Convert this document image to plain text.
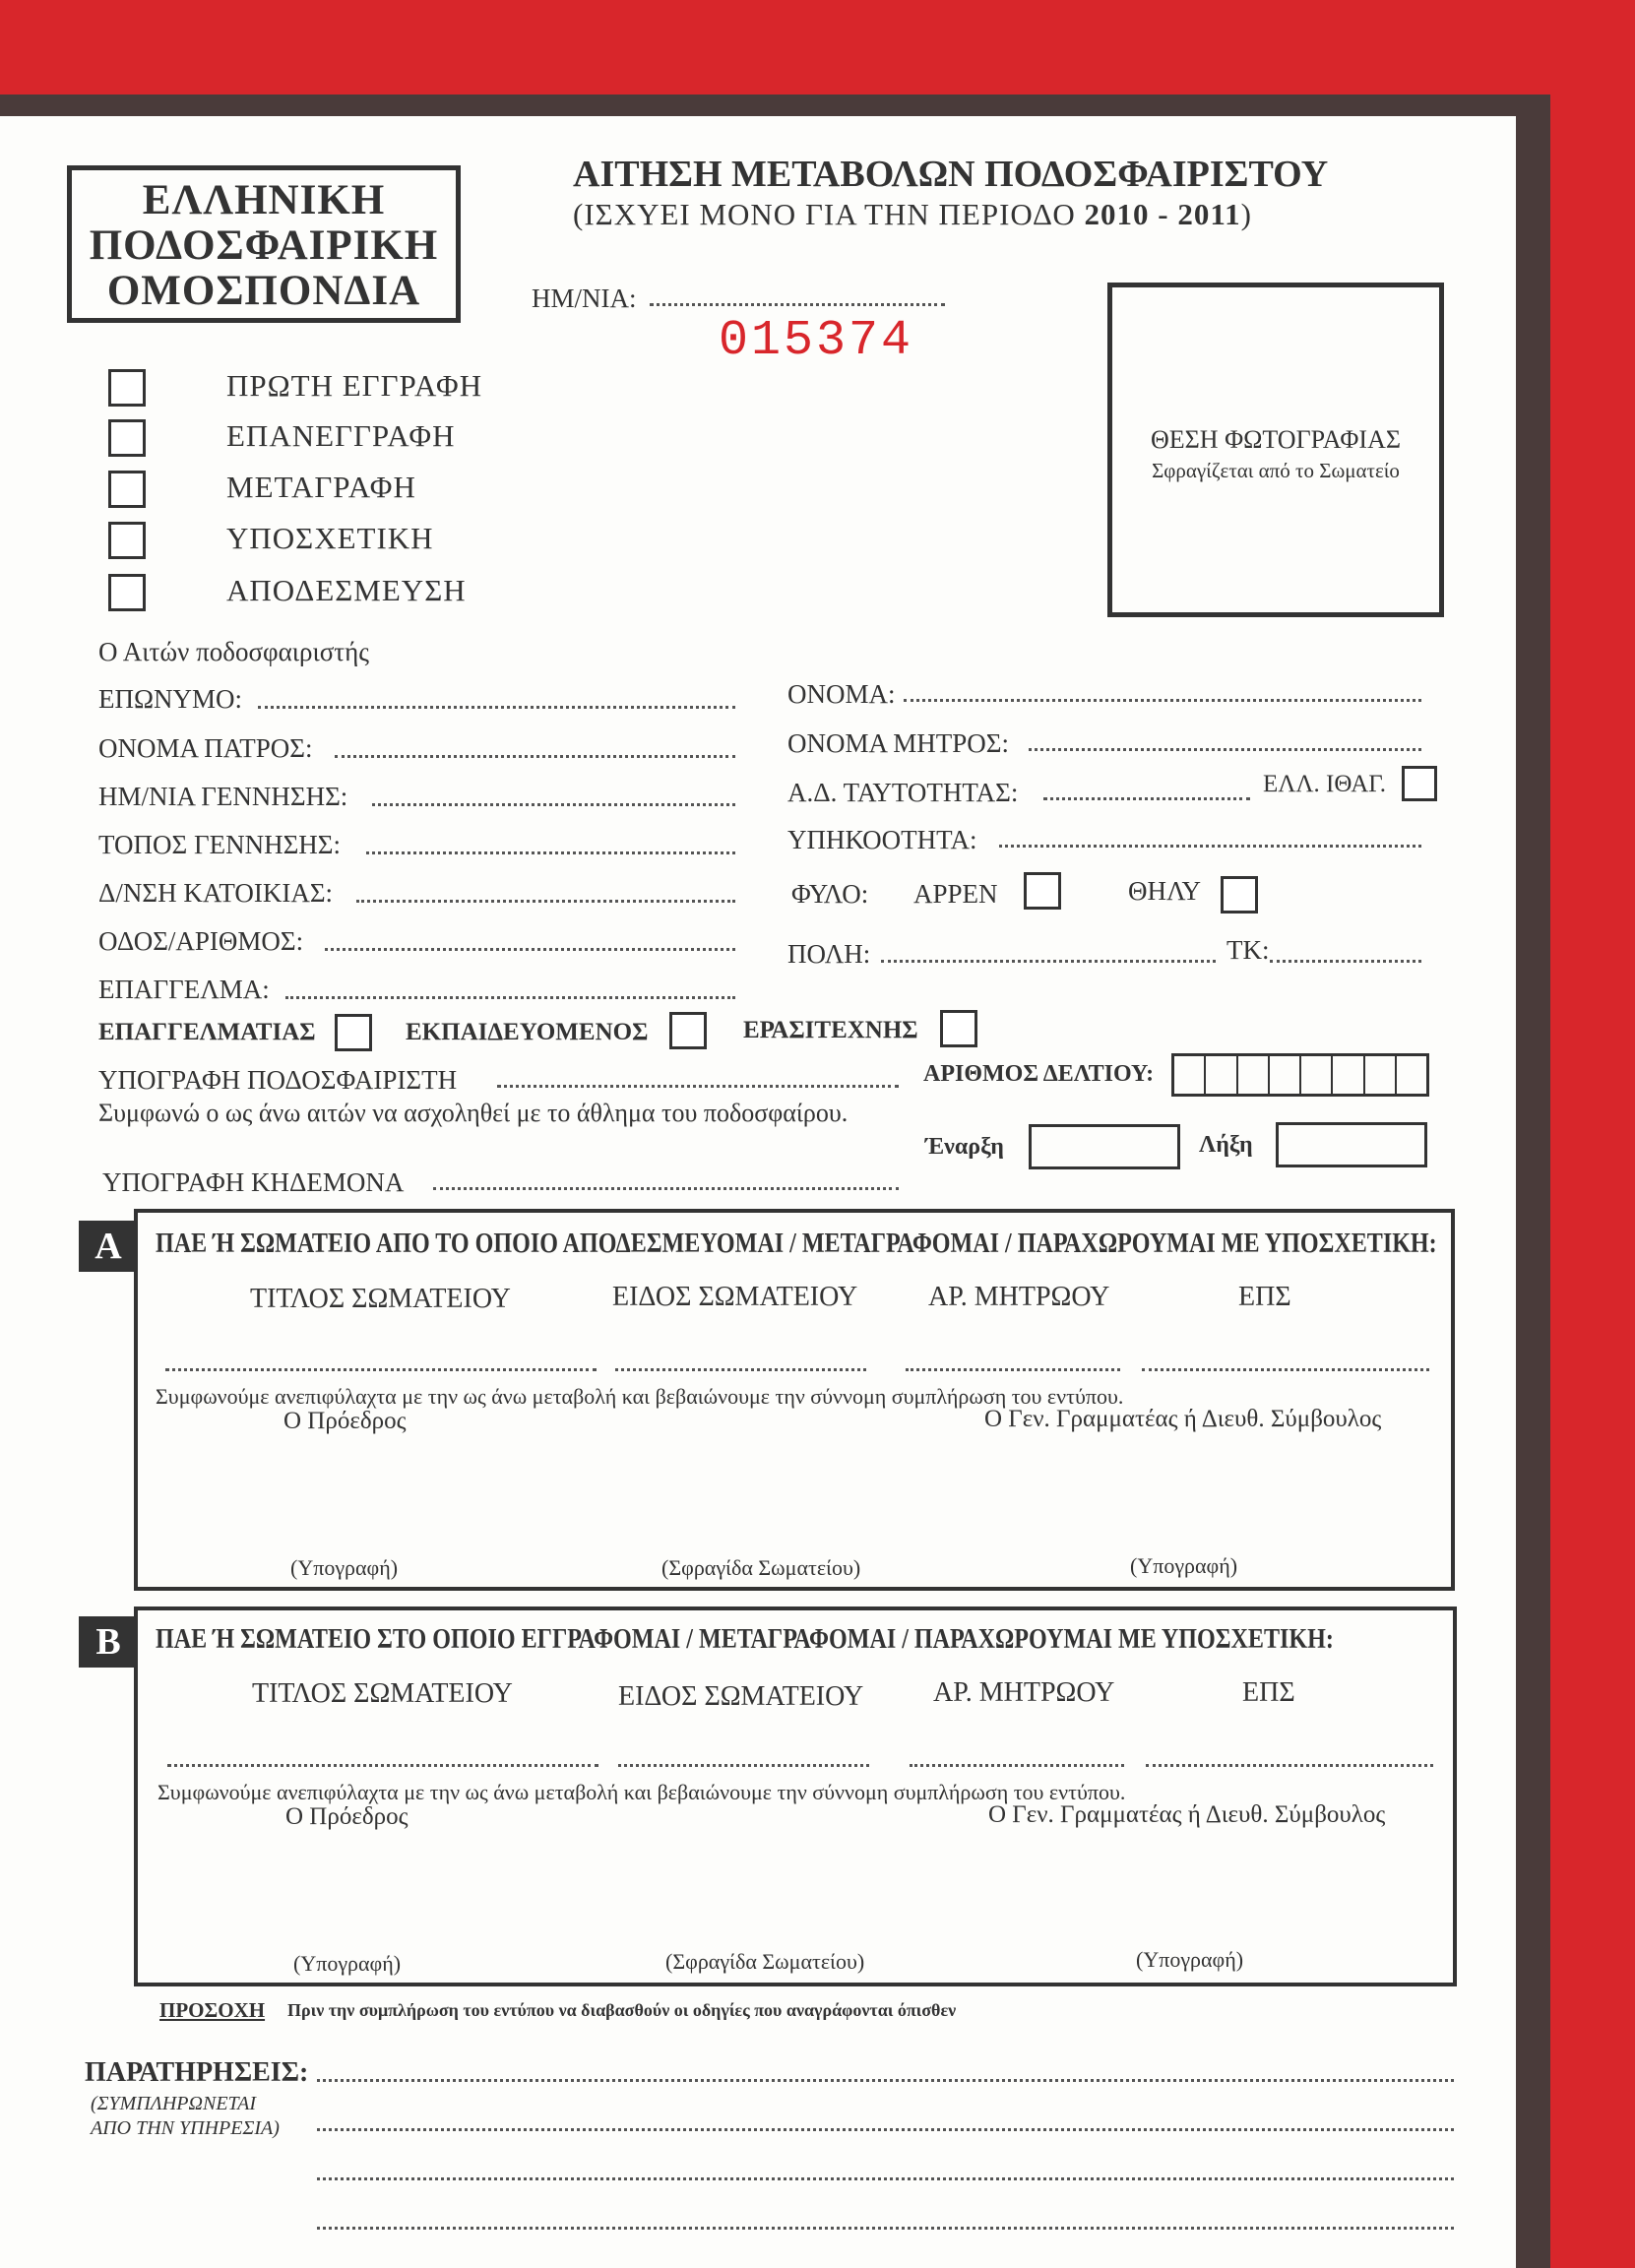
ΕΛΛΗΝΙΚΗ
ΠΟΔΟΣΦΑΙΡΙΚΗ
ΟΜΟΣΠΟΝΔΙΑ
ΑΙΤΗΣΗ ΜΕΤΑΒΟΛΩΝ ΠΟΔΟΣΦΑΙΡΙΣΤΟΥ
(ΙΣΧΥΕΙ ΜΟΝΟ ΓΙΑ ΤΗΝ ΠΕΡΙΟΔΟ 2010 - 2011)
ΗΜ/ΝΙΑ:
015374
ΘΕΣΗ ΦΩΤΟΓΡΑΦΙΑΣ
Σφραγίζεται από το Σωματείο
ΠΡΩΤΗ ΕΓΓΡΑΦΗ
ΕΠΑΝΕΓΓΡΑΦΗ
ΜΕΤΑΓΡΑΦΗ
ΥΠΟΣΧΕΤΙΚΗ
ΑΠΟΔΕΣΜΕΥΣΗ
Ο Αιτών ποδοσφαιριστής
ΕΠΩΝΥΜΟ:
ΟΝΟΜΑ ΠΑΤΡΟΣ:
ΗΜ/ΝΙΑ ΓΕΝΝΗΣΗΣ:
ΤΟΠΟΣ ΓΕΝΝΗΣΗΣ:
Δ/ΝΣΗ ΚΑΤΟΙΚΙΑΣ:
ΟΔΟΣ/ΑΡΙΘΜΟΣ:
ΕΠΑΓΓΕΛΜΑ:
ΟΝΟΜΑ:
ΟΝΟΜΑ ΜΗΤΡΟΣ:
Α.Δ. ΤΑΥΤΟΤΗΤΑΣ:	ΕΛΛ. ΙΘΑΓ.
ΥΠΗΚΟΟΤΗΤΑ:
ΦΥΛΟ: ΑΡΡΕΝ	ΘΗΛΥ
ΠΟΛΗ:	ΤΚ:
ΕΠΑΓΓΕΛΜΑΤΙΑΣ	ΕΚΠΑΙΔΕΥΟΜΕΝΟΣ	ΕΡΑΣΙΤΕΧΝΗΣ
ΥΠΟΓΡΑΦΗ ΠΟΔΟΣΦΑΙΡΙΣΤΗ	ΑΡΙΘΜΟΣ ΔΕΛΤΙΟΥ:
Συμφωνώ ο ως άνω αιτών να ασχοληθεί με το άθλημα του ποδοσφαίρου.
Έναρξη	Λήξη
ΥΠΟΓΡΑΦΗ ΚΗΔΕΜΟΝΑ
Α	ΠΑΕ Ή ΣΩΜΑΤΕΙΟ ΑΠΟ ΤΟ ΟΠΟΙΟ ΑΠΟΔΕΣΜΕΥΟΜΑΙ / ΜΕΤΑΓΡΑΦΟΜΑΙ / ΠΑΡΑΧΩΡΟΥΜΑΙ ΜΕ ΥΠΟΣΧΕΤΙΚΗ:
ΤΙΤΛΟΣ ΣΩΜΑΤΕΙΟΥ	ΕΙΔΟΣ ΣΩΜΑΤΕΙΟΥ	ΑΡ. ΜΗΤΡΩΟΥ	ΕΠΣ
Συμφωνούμε ανεπιφύλαχτα με την ως άνω μεταβολή και βεβαιώνουμε την σύννομη συμπλήρωση του εντύπου.
Ο Πρόεδρος	Ο Γεν. Γραμματέας ή Διευθ. Σύμβουλος
(Υπογραφή)	(Σφραγίδα Σωματείου)	(Υπογραφή)
Β	ΠΑΕ Ή ΣΩΜΑΤΕΙΟ ΣΤΟ ΟΠΟΙΟ ΕΓΓΡΑΦΟΜΑΙ / ΜΕΤΑΓΡΑΦΟΜΑΙ / ΠΑΡΑΧΩΡΟΥΜΑΙ ΜΕ ΥΠΟΣΧΕΤΙΚΗ:
ΤΙΤΛΟΣ ΣΩΜΑΤΕΙΟΥ	ΕΙΔΟΣ ΣΩΜΑΤΕΙΟΥ	ΑΡ. ΜΗΤΡΩΟΥ	ΕΠΣ
Συμφωνούμε ανεπιφύλαχτα με την ως άνω μεταβολή και βεβαιώνουμε την σύννομη συμπλήρωση του εντύπου.
Ο Πρόεδρος	Ο Γεν. Γραμματέας ή Διευθ. Σύμβουλος
(Υπογραφή)	(Σφραγίδα Σωματείου)	(Υπογραφή)
ΠΡΟΣΟΧΗ Πριν την συμπλήρωση του εντύπου να διαβασθούν οι οδηγίες που αναγράφονται όπισθεν
ΠΑΡΑΤΗΡΗΣΕΙΣ:
(ΣΥΜΠΛΗΡΩΝΕΤΑΙ
ΑΠΟ ΤΗΝ ΥΠΗΡΕΣΙΑ)
